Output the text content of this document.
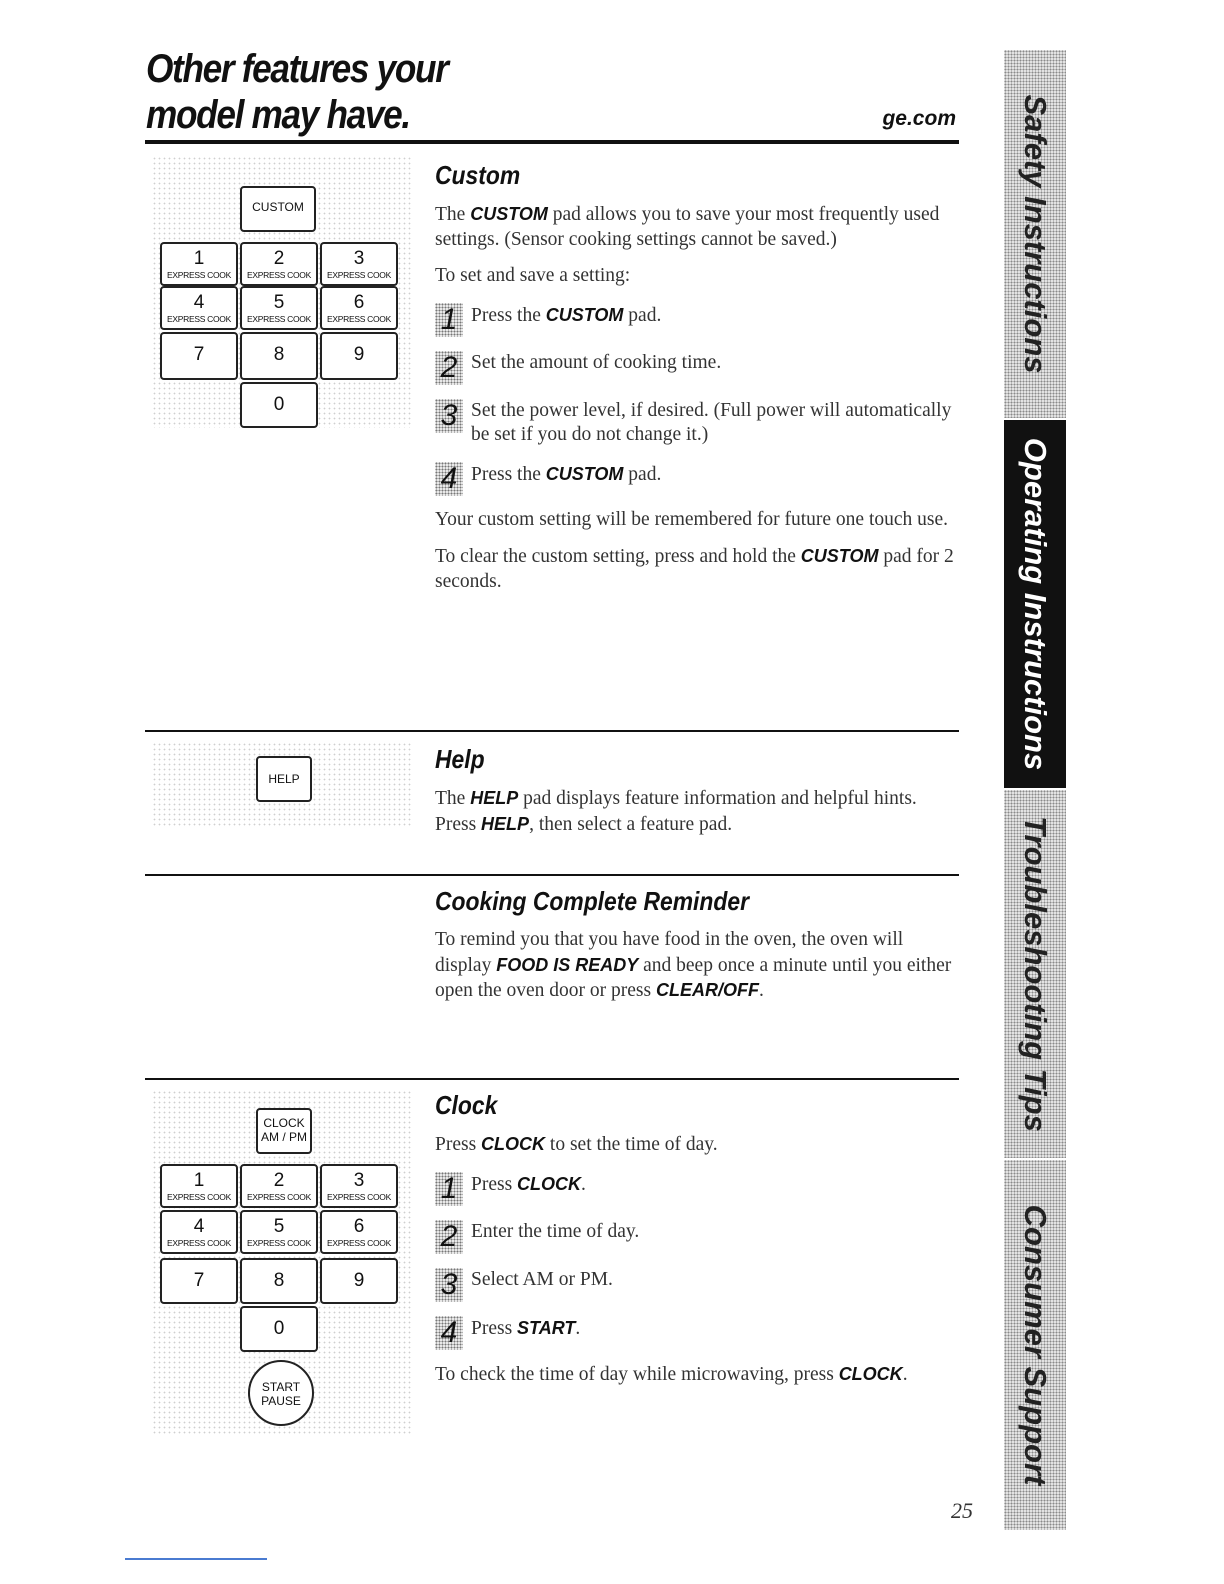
Other features your
model may have.	ge.com
CUSTOM
1
EXPRESS COOK
2
EXPRESS COOK
3
EXPRESS COOK
4
EXPRESS COOK
5
EXPRESS COOK
6
EXPRESS COOK
7	8	9
0
Custom

The CUSTOM pad allows you to save your most frequently used settings. (Sensor cooking settings cannot be saved.)

To set and save a setting:

1 Press the CUSTOM pad.
2 Set the amount of cooking time.
3 Set the power level, if desired. (Full power will automatically be set if you do not change it.)
4 Press the CUSTOM pad.

Your custom setting will be remembered for future one touch use.

To clear the custom setting, press and hold the CUSTOM pad for 2 seconds.

HELP
Help

The HELP pad displays feature information and helpful hints. Press HELP, then select a feature pad.

Cooking Complete Reminder

To remind you that you have food in the oven, the oven will display FOOD IS READY and beep once a minute until you either open the oven door or press CLEAR/OFF.

CLOCK
AM / PM
1
EXPRESS COOK
2
EXPRESS COOK
3
EXPRESS COOK
4
EXPRESS COOK
5
EXPRESS COOK
6
EXPRESS COOK
7	8	9
0
START
PAUSE
Clock

Press CLOCK to set the time of day.

1 Press CLOCK.
2 Enter the time of day.
3 Select AM or PM.
4 Press START.

To check the time of day while microwaving, press CLOCK.

Safety Instructions
Operating Instructions
Troubleshooting Tips
Consumer Support
25
